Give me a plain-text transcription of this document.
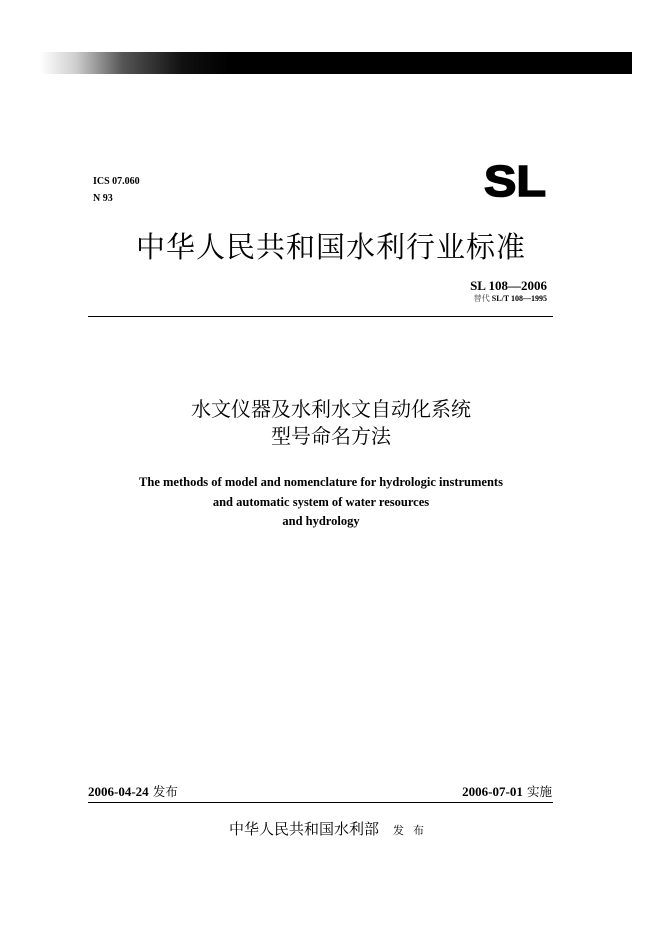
ICS 07.060
N 93	SL
中华人民共和国水利行业标准
SL 108—2006
替代 SL/T 108—1995
水文仪器及水利水文自动化系统
型号命名方法
The methods of model and nomenclature for hydrologic instruments
and automatic system of water resources
and hydrology
2006-04-24 发布	2006-07-01 实施
中华人民共和国水利部 发布
